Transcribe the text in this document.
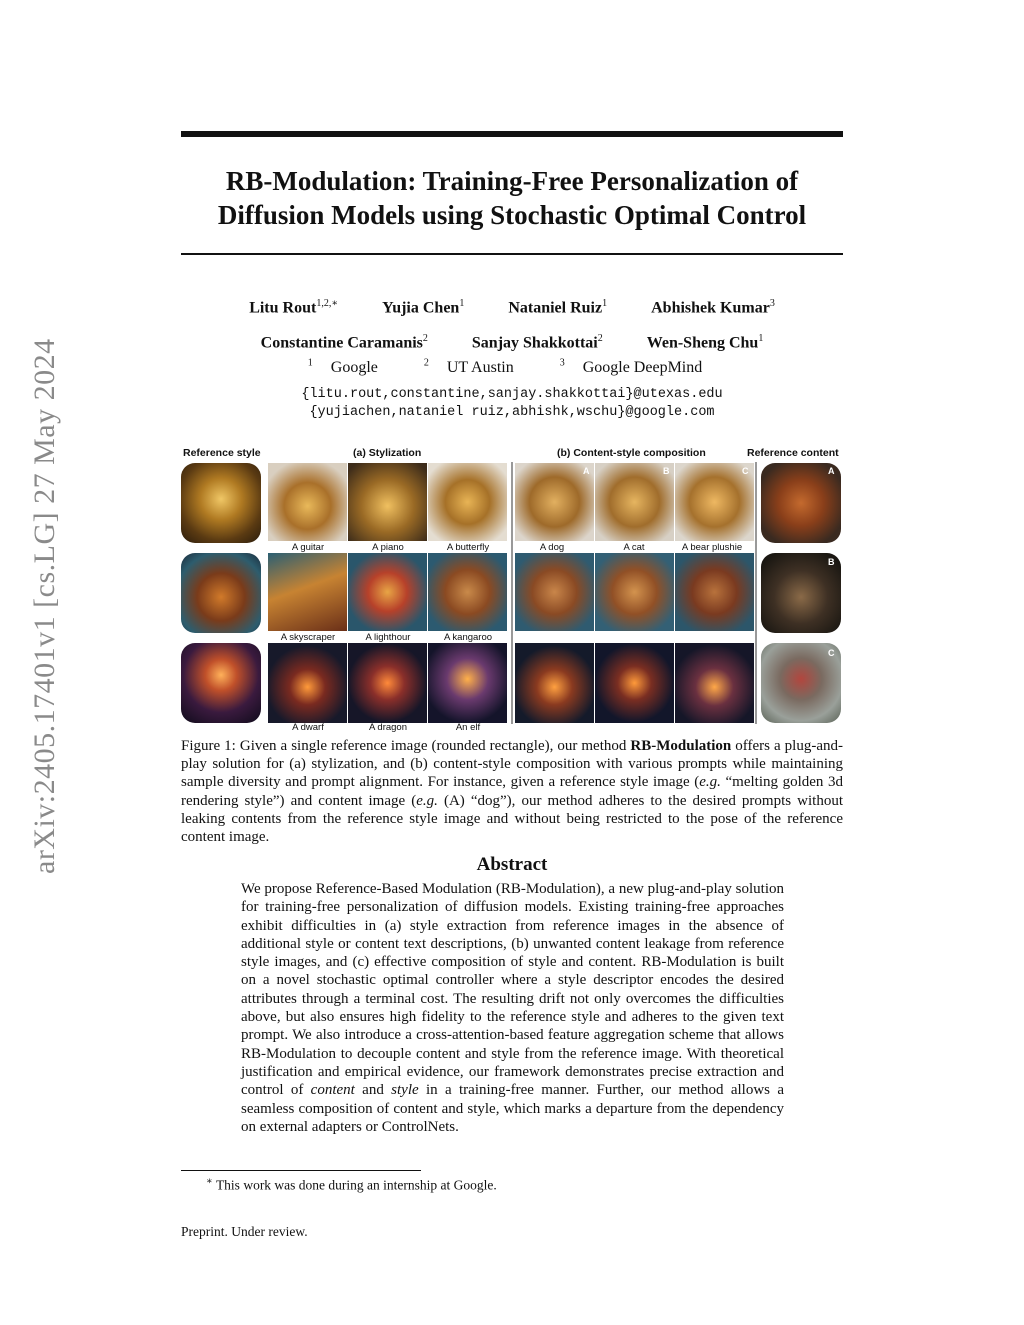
arXiv:2405.17401v1 [cs.LG] 27 May 2024
RB-Modulation: Training-Free Personalization of
Diffusion Models using Stochastic Optimal Control
Litu Rout$^{1,2,∗}$	Yujia Chen$^1$	Nataniel Ruiz$^1$	Abhishek Kumar$^3$
Constantine Caramanis$^2$	Sanjay Shakkottai$^2$	Wen-Sheng Chu$^1$
$^1$ Google	$^2$ UT Austin	$^3$ Google DeepMind
{litu.rout,constantine,sanjay.shakkottai}@utexas.edu
{yujiachen,nataniel ruiz,abhishk,wschu}@google.com
Reference style	(a) Stylization	(b) Content-style composition	Reference content
A	B	C	A
B
C
A guitar	A piano	A butterfly
A skyscraper	A lighthour	A kangaroo
A dwarf	A dragon	An elf
A dog	A cat	A bear plushie
Figure 1: Given a single reference image (rounded rectangle), our method RB-Modulation offers a plug-and-play solution for (a) stylization, and (b) content-style composition with various prompts while maintaining sample diversity and prompt alignment. For instance, given a reference style image (e.g. “melting golden 3d rendering style”) and content image (e.g. (A) “dog”), our method adheres to the desired prompts without leaking contents from the reference style image and without being restricted to the pose of the reference content image.
Abstract
We propose Reference-Based Modulation (RB-Modulation), a new plug-and-play solution for training-free personalization of diffusion models. Existing training-free approaches exhibit difficulties in (a) style extraction from reference images in the absence of additional style or content text descriptions, (b) unwanted content leakage from reference style images, and (c) effective composition of style and content. RB-Modulation is built on a novel stochastic optimal controller where a style descriptor encodes the desired attributes through a terminal cost. The resulting drift not only overcomes the difficulties above, but also ensures high fidelity to the reference style and adheres to the given text prompt. We also introduce a cross-attention-based feature aggregation scheme that allows RB-Modulation to decouple content and style from the reference image. With theoretical justification and empirical evidence, our framework demonstrates precise extraction and control of content and style in a training-free manner. Further, our method allows a seamless composition of content and style, which marks a departure from the dependency on external adapters or ControlNets.
∗ This work was done during an internship at Google.
Preprint. Under review.
